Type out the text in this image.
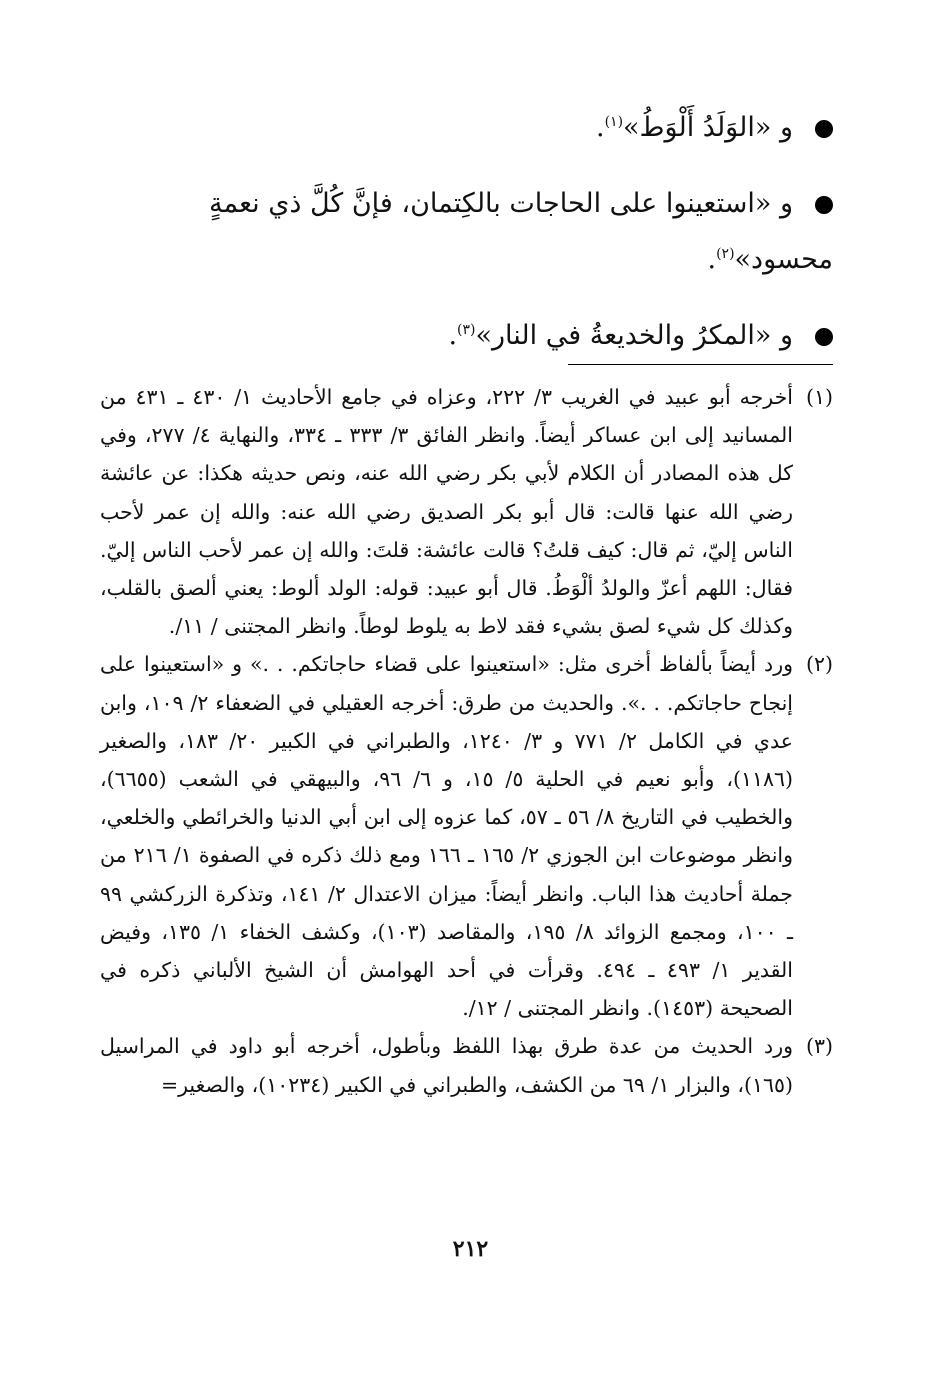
و «الوَلَدُ أَلْوَطُ»$^{(١)}$.
و «استعينوا على الحاجات بالكِتمان، فإنَّ كُلَّ ذي نعمةٍ
محسود»$^{(٢)}$.
و «المكرُ والخديعةُ في النار»$^{(٣)}$.
(١)
أخرجه أبو عبيد في الغريب ٣/ ٢٢٢، وعزاه في جامع الأحاديث ١/ ٤٣٠ ـ ٤٣١ من المسانيد إلى ابن عساكر أيضاً. وانظر الفائق ٣/ ٣٣٣ ـ ٣٣٤، والنهاية ٤/ ٢٧٧، وفي كل هذه المصادر أن الكلام لأبي بكر رضي الله عنه، ونص حديثه هكذا: عن عائشة رضي الله عنها قالت: قال أبو بكر الصديق رضي الله عنه: والله إن عمر لأحب الناس إليّ، ثم قال: كيف قلتُ؟ قالت عائشة: قلتَ: والله إن عمر لأحب الناس إليّ. فقال: اللهم أعزّ والولدُ ألْوَطُ. قال أبو عبيد: قوله: الولد ألوط: يعني ألصق بالقلب، وكذلك كل شيء لصق بشيء فقد لاط به يلوط لوطاً. وانظر المجتنى / ١١/.
(٢)
ورد أيضاً بألفاظ أخرى مثل: «استعينوا على قضاء حاجاتكم. . .» و «استعينوا على إنجاح حاجاتكم. . .». والحديث من طرق: أخرجه العقيلي في الضعفاء ٢/ ١٠٩، وابن عدي في الكامل ٢/ ٧٧١ و ٣/ ١٢٤٠، والطبراني في الكبير ٢٠/ ١٨٣، والصغير (١١٨٦)، وأبو نعيم في الحلية ٥/ ١٥، و ٦/ ٩٦، والبيهقي في الشعب (٦٦٥٥)، والخطيب في التاريخ ٨/ ٥٦ ـ ٥٧، كما عزوه إلى ابن أبي الدنيا والخرائطي والخلعي، وانظر موضوعات ابن الجوزي ٢/ ١٦٥ ـ ١٦٦ ومع ذلك ذكره في الصفوة ١/ ٢١٦ من جملة أحاديث هذا الباب. وانظر أيضاً: ميزان الاعتدال ٢/ ١٤١، وتذكرة الزركشي ٩٩ ـ ١٠٠، ومجمع الزوائد ٨/ ١٩٥، والمقاصد (١٠٣)، وكشف الخفاء ١/ ١٣٥، وفيض القدير ١/ ٤٩٣ ـ ٤٩٤. وقرأت في أحد الهوامش أن الشيخ الألباني ذكره في الصحيحة (١٤٥٣). وانظر المجتنى / ١٢/.
(٣)
ورد الحديث من عدة طرق بهذا اللفظ وبأطول، أخرجه أبو داود في المراسيل (١٦٥)، والبزار ١/ ٦٩ من الكشف، والطبراني في الكبير (١٠٢٣٤)، والصغير=
٢١٢
